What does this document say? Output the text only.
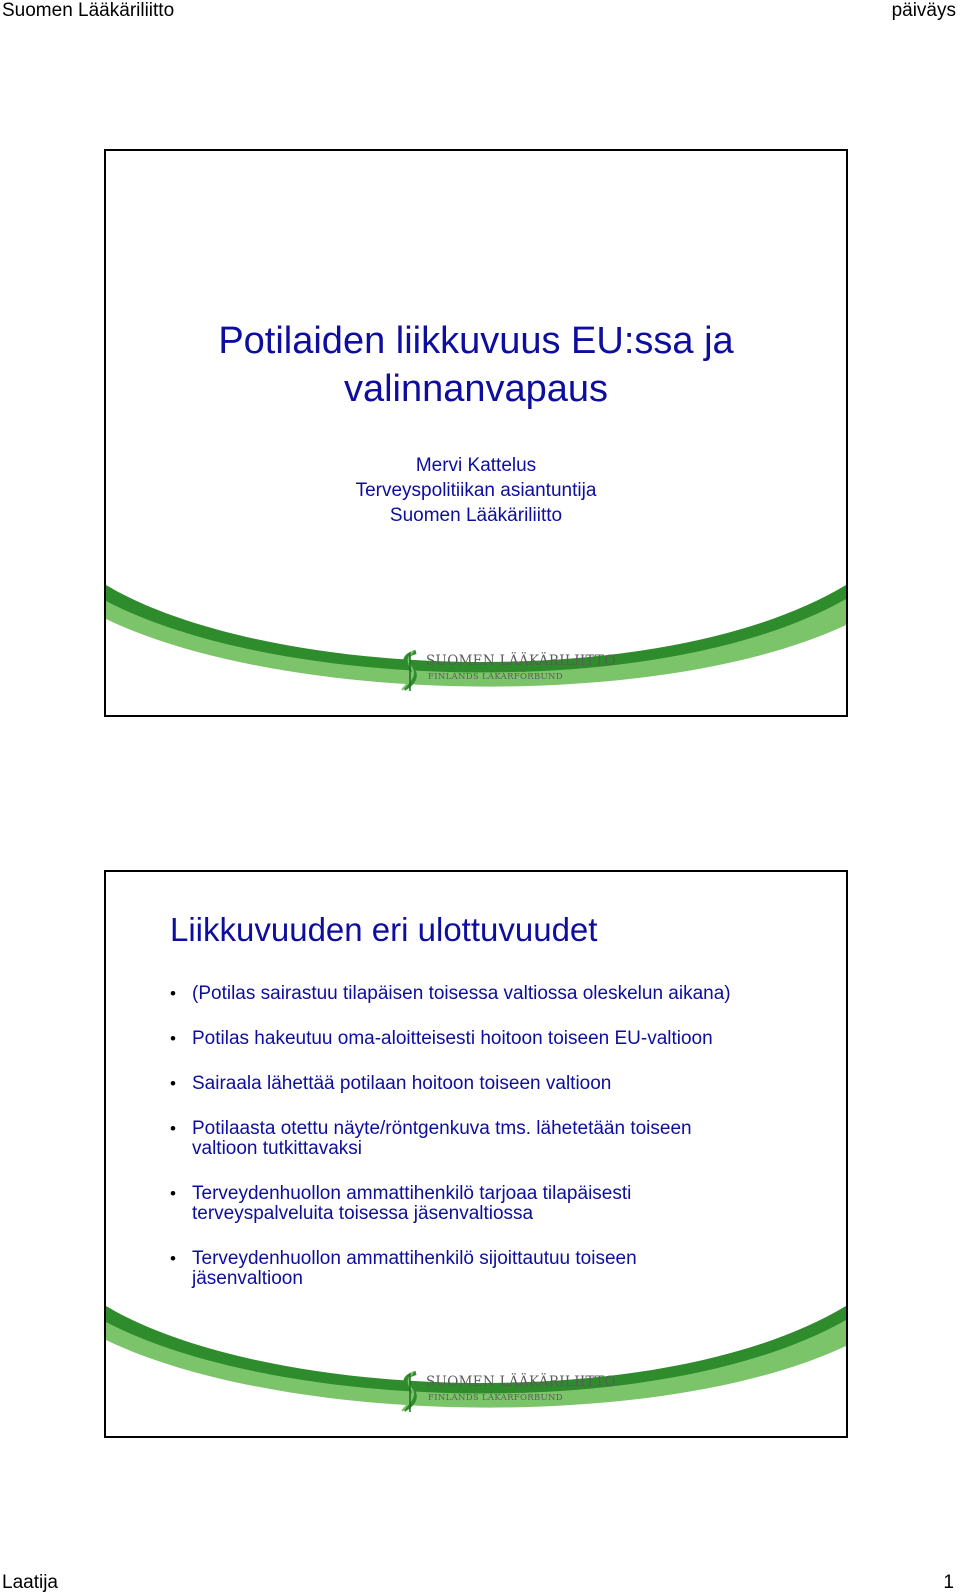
Suomen Lääkäriliitto	päiväys
Potilaiden liikkuvuus EU:ssa ja
valinnanvapaus
Mervi Kattelus
Terveyspolitiikan asiantuntija
Suomen Lääkäriliitto
SUOMEN LÄÄKÄRILIITTO
FINLANDS LÄKARFÖRBUND
Liikkuvuuden eri ulottuvuudet
• (Potilas sairastuu tilapäisen toisessa valtiossa oleskelun aikana)
• Potilas hakeutuu oma-aloitteisesti hoitoon toiseen EU-valtioon
• Sairaala lähettää potilaan hoitoon toiseen valtioon
• Potilaasta otettu näyte/röntgenkuva tms. lähetetään toiseen
valtioon tutkittavaksi
• Terveydenhuollon ammattihenkilö tarjoaa tilapäisesti
terveyspalveluita toisessa jäsenvaltiossa
• Terveydenhuollon ammattihenkilö sijoittautuu toiseen
jäsenvaltioon
SUOMEN LÄÄKÄRILIITTO
FINLANDS LÄKARFÖRBUND
Laatija	1
